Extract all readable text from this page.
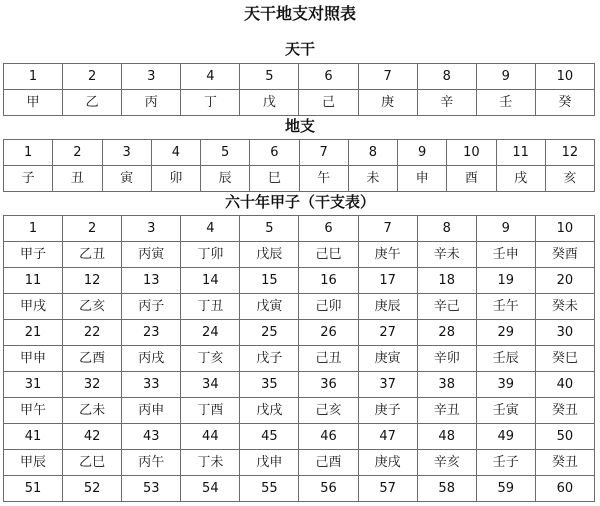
天干地支对照表
天干
1	2	3	4	5	6	7	8	9	10
甲	乙	丙	丁	戊	己	庚	辛	壬	癸
地支
1	2	3	4	5	6	7	8	9	10	11	12
子	丑	寅	卯	辰	巳	午	未	申	酉	戌	亥
六十年甲子（干支表）
1	2	3	4	5	6	7	8	9	10
甲子	乙丑	丙寅	丁卯	戊辰	己巳	庚午	辛未	壬申	癸酉
11	12	13	14	15	16	17	18	19	20
甲戌	乙亥	丙子	丁丑	戊寅	己卯	庚辰	辛己	壬午	癸未
21	22	23	24	25	26	27	28	29	30
甲申	乙酉	丙戌	丁亥	戊子	己丑	庚寅	辛卯	壬辰	癸巳
31	32	33	34	35	36	37	38	39	40
甲午	乙未	丙申	丁酉	戊戌	己亥	庚子	辛丑	壬寅	癸丑
41	42	43	44	45	46	47	48	49	50
甲辰	乙巳	丙午	丁未	戊申	己酉	庚戌	辛亥	壬子	癸丑
51	52	53	54	55	56	57	58	59	60
